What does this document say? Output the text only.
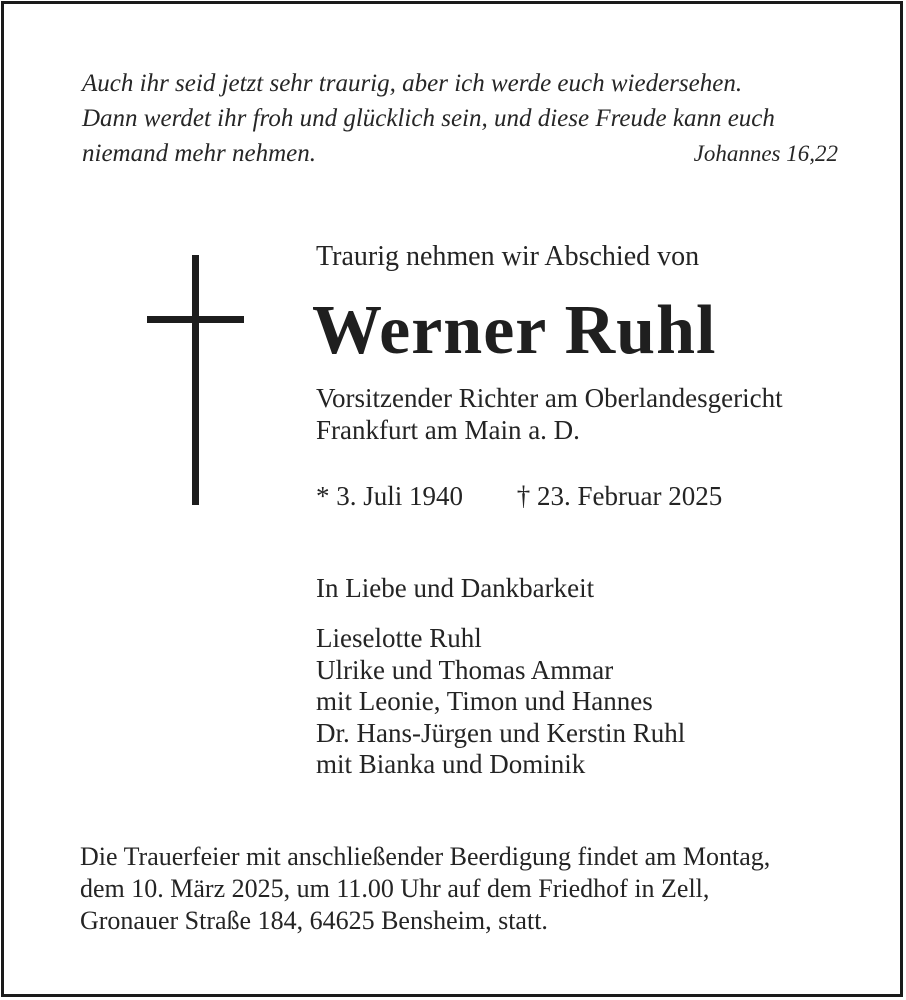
Auch ihr seid jetzt sehr traurig, aber ich werde euch wiedersehen.
Dann werdet ihr froh und glücklich sein, und diese Freude kann euch
niemand mehr nehmen.	Johannes 16,22
Traurig nehmen wir Abschied von
Werner Ruhl
Vorsitzender Richter am Oberlandesgericht
Frankfurt am Main a. D.
* 3. Juli 1940 † 23. Februar 2025
In Liebe und Dankbarkeit
Lieselotte Ruhl
Ulrike und Thomas Ammar
mit Leonie, Timon und Hannes
Dr. Hans-Jürgen und Kerstin Ruhl
mit Bianka und Dominik
Die Trauerfeier mit anschließender Beerdigung findet am Montag,
dem 10. März 2025, um 11.00 Uhr auf dem Friedhof in Zell,
Gronauer Straße 184, 64625 Bensheim, statt.
